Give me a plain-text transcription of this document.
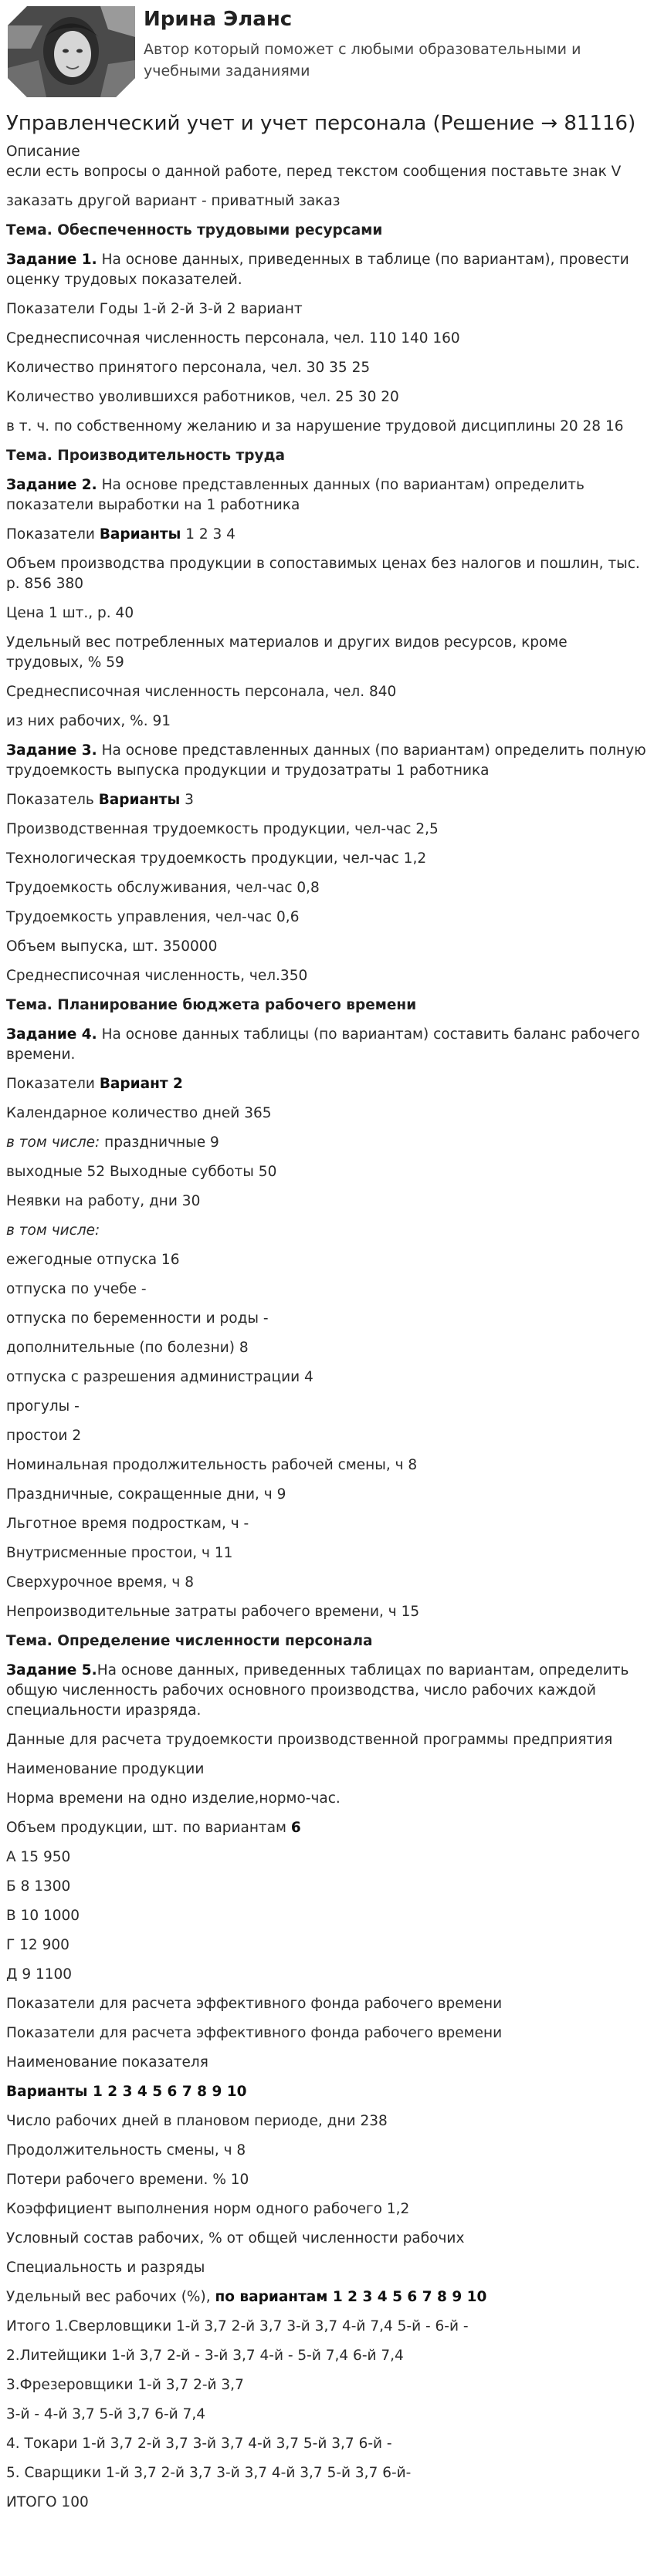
Ирина Эланс
Автор который поможет с любыми образовательными и учебными заданиями
Управленческий учет и учет персонала (Решение → 81116)
Описание
если есть вопросы о данной работе, перед текстом сообщения поставьте знак V
заказать другой вариант - приватный заказ
Тема. Обеспеченность трудовыми ресурсами
Задание 1. На основе данных, приведенных в таблице (по вариантам), провести оценку трудовых показателей.
Показатели Годы 1-й 2-й 3-й 2 вариант
Среднесписочная численность персонала, чел. 110 140 160
Количество принятого персонала, чел. 30 35 25
Количество уволившихся работников, чел. 25 30 20
в т. ч. по собственному желанию и за нарушение трудовой дисциплины 20 28 16
Тема. Производительность труда
Задание 2. На основе представленных данных (по вариантам) определить показатели выработки на 1 работника
Показатели Варианты 1 2 3 4
Объем производства продукции в сопоставимых ценах без налогов и пошлин, тыс. р. 856 380
Цена 1 шт., р. 40
Удельный вес потребленных материалов и других видов ресурсов, кроме трудовых, % 59
Среднесписочная численность персонала, чел. 840
из них рабочих, %. 91
Задание 3. На основе представленных данных (по вариантам) определить полную трудоемкость выпуска продукции и трудозатраты 1 работника
Показатель Варианты 3
Производственная трудоемкость продукции, чел-час 2,5
Технологическая трудоемкость продукции, чел-час 1,2
Трудоемкость обслуживания, чел-час 0,8
Трудоемкость управления, чел-час 0,6
Объем выпуска, шт. 350000
Среднесписочная численность, чел.350
Тема. Планирование бюджета рабочего времени
Задание 4. На основе данных таблицы (по вариантам) составить баланс рабочего времени.
Показатели Вариант 2
Календарное количество дней 365
в том числе: праздничные 9
выходные 52 Выходные субботы 50
Неявки на работу, дни 30
в том числе:
ежегодные отпуска 16
отпуска по учебе -
отпуска по беременности и роды -
дополнительные (по болезни) 8
отпуска с разрешения администрации 4
прогулы -
простои 2
Номинальная продолжительность рабочей смены, ч 8
Праздничные, сокращенные дни, ч 9
Льготное время подросткам, ч -
Внутрисменные простои, ч 11
Сверхурочное время, ч 8
Непроизводительные затраты рабочего времени, ч 15
Тема. Определение численности персонала
Задание 5.На основе данных, приведенных таблицах по вариантам, определить общую численность рабочих основного производства, число рабочих каждой специальности иразряда.
Данные для расчета трудоемкости производственной программы предприятия
Наименование продукции
Норма времени на одно изделие,нормо-час.
Объем продукции, шт. по вариантам 6
А 15 950
Б 8 1300
В 10 1000
Г 12 900
Д 9 1100
Показатели для расчета эффективного фонда рабочего времени
Показатели для расчета эффективного фонда рабочего времени
Наименование показателя
Варианты 1 2 3 4 5 6 7 8 9 10
Число рабочих дней в плановом периоде, дни 238
Продолжительность смены, ч 8
Потери рабочего времени. % 10
Коэффициент выполнения норм одного рабочего 1,2
Условный состав рабочих, % от общей численности рабочих
Специальность и разряды
Удельный вес рабочих (%), по вариантам 1 2 3 4 5 6 7 8 9 10
Итого 1.Сверловщики 1-й 3,7 2-й 3,7 3-й 3,7 4-й 7,4 5-й - 6-й -
2.Литейщики 1-й 3,7 2-й - 3-й 3,7 4-й - 5-й 7,4 6-й 7,4
3.Фрезеровщики 1-й 3,7 2-й 3,7
3-й - 4-й 3,7 5-й 3,7 6-й 7,4
4. Токари 1-й 3,7 2-й 3,7 3-й 3,7 4-й 3,7 5-й 3,7 6-й -
5. Сварщики 1-й 3,7 2-й 3,7 3-й 3,7 4-й 3,7 5-й 3,7 6-й-
ИТОГО 100
